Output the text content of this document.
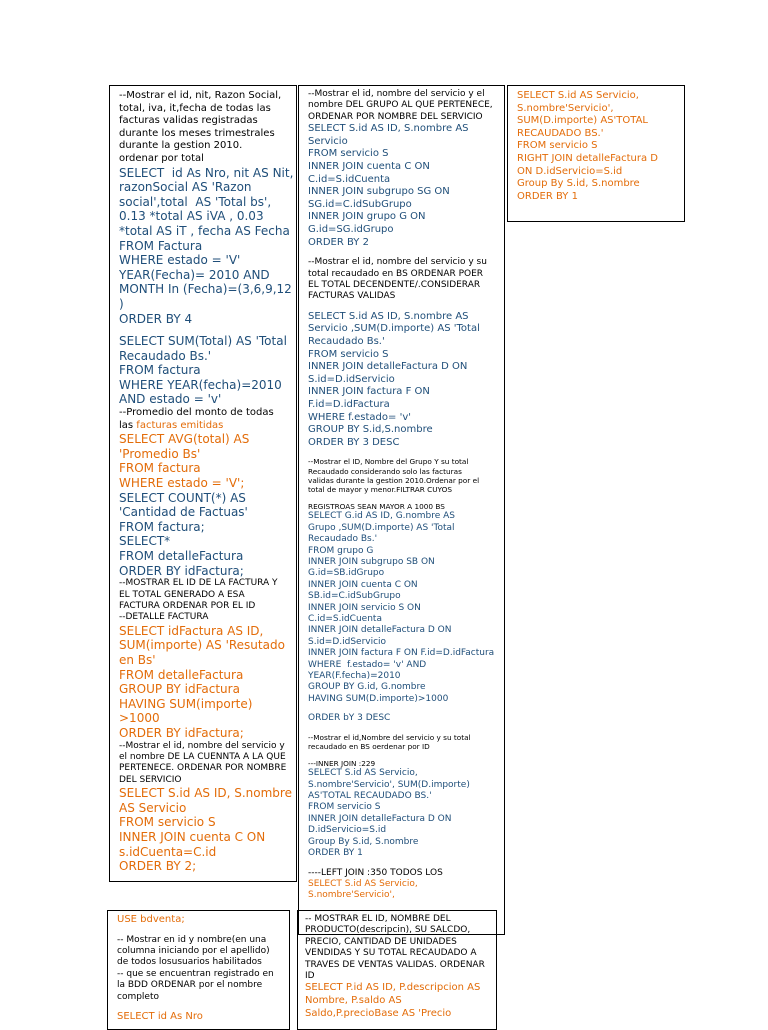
--Mostrar el id, nit, Razon Social,
total, iva, it,fecha de todas las
facturas validas registradas
durante los meses trimestrales
durante la gestion 2010.
ordenar por total
SELECT  id As Nro, nit AS Nit,
razonSocial AS 'Razon
social',total  AS 'Total bs',
0.13 *total AS iVA , 0.03
*total AS iT , fecha AS Fecha
FROM Factura
WHERE estado = 'V'
YEAR(Fecha)= 2010 AND
MONTH In (Fecha)=(3,6,9,12
)
ORDER BY 4
SELECT SUM(Total) AS 'Total
Recaudado Bs.'
FROM factura
WHERE YEAR(fecha)=2010
AND estado = 'v'
--Promedio del monto de todas
las facturas emitidas
SELECT AVG(total) AS
'Promedio Bs'
FROM factura
WHERE estado = 'V';
SELECT COUNT(*) AS
'Cantidad de Factuas'
FROM factura;
SELECT*
FROM detalleFactura
ORDER BY idFactura;
--MOSTRAR EL ID DE LA FACTURA Y
EL TOTAL GENERADO A ESA
FACTURA ORDENAR POR EL ID
--DETALLE FACTURA
SELECT idFactura AS ID,
SUM(importe) AS 'Resutado
en Bs'
FROM detalleFactura
GROUP BY idFactura
HAVING SUM(importe)
>1000
ORDER BY idFactura;
--Mostrar el id, nombre del servicio y
el nombre DE LA CUENNTA A LA QUE
PERTENECE. ORDENAR POR NOMBRE
DEL SERVICIO
SELECT S.id AS ID, S.nombre
AS Servicio
FROM servicio S
INNER JOIN cuenta C ON
s.idCuenta=C.id
ORDER BY 2;
--Mostrar el id, nombre del servicio y el
nombre DEL GRUPO AL QUE PERTENECE,
ORDENAR POR NOMBRE DEL SERVICIO
SELECT S.id AS ID, S.nombre AS
Servicio
FROM servicio S
INNER JOIN cuenta C ON
C.id=S.idCuenta
INNER JOIN subgrupo SG ON
SG.id=C.idSubGrupo
INNER JOIN grupo G ON
G.id=SG.idGrupo
ORDER BY 2
--Mostrar el id, nombre del servicio y su
total recaudado en BS ORDENAR POER
EL TOTAL DECENDENTE/.CONSIDERAR
FACTURAS VALIDAS
SELECT S.id AS ID, S.nombre AS
Servicio ,SUM(D.importe) AS 'Total
Recaudado Bs.'
FROM servicio S
INNER JOIN detalleFactura D ON
S.id=D.idServicio
INNER JOIN factura F ON
F.id=D.idFactura
WHERE f.estado= 'v'
GROUP BY S.id,S.nombre
ORDER BY 3 DESC
--Mostrar el ID, Nombre del Grupo Y su total
Recaudado considerando solo las facturas
validas durante la gestion 2010.Ordenar por el
total de mayor y menor.FILTRAR CUYOS
REGISTROAS SEAN MAYOR A 1000 BS
SELECT G.id AS ID, G.nombre AS
Grupo ,SUM(D.importe) AS 'Total
Recaudado Bs.'
FROM grupo G
INNER JOIN subgrupo SB ON
G.id=SB.idGrupo
INNER JOIN cuenta C ON
SB.id=C.idSubGrupo
INNER JOIN servicio S ON
C.id=S.idCuenta
INNER JOIN detalleFactura D ON
S.id=D.idServicio
INNER JOIN factura F ON F.id=D.idFactura
WHERE  f.estado= 'v' AND
YEAR(F.fecha)=2010
GROUP BY G.id, G.nombre
HAVING SUM(D.importe)>1000
ORDER bY 3 DESC
--Mostrar el id,Nombre del servicio y su total
recaudado en BS oerdenar por ID
---INNER JOIN :229
SELECT S.id AS Servicio,
S.nombre'Servicio', SUM(D.importe)
AS'TOTAL RECAUDADO BS.'
FROM servicio S
INNER JOIN detalleFactura D ON
D.idServicio=S.id
Group By S.id, S.nombre
ORDER BY 1
----LEFT JOIN :350 TODOS LOS
SELECT S.id AS Servicio,
S.nombre'Servicio',
SELECT S.id AS Servicio,
S.nombre'Servicio',
SUM(D.importe) AS'TOTAL
RECAUDADO BS.'
FROM servicio S
RIGHT JOIN detalleFactura D
ON D.idServicio=S.id
Group By S.id, S.nombre
ORDER BY 1
USE bdventa;
-- Mostrar en id y nombre(en una
columna iniciando por el apellido)
de todos losusuarios habilitados
-- que se encuentran registrado en
la BDD ORDENAR por el nombre
completo
SELECT id As Nro
-- MOSTRAR EL ID, NOMBRE DEL
PRODUCTO(descripcin), SU SALCDO,
PRECIO, CANTIDAD DE UNIDADES
VENDIDAS Y SU TOTAL RECAUDADO A
TRAVES DE VENTAS VALIDAS. ORDENAR
ID
SELECT P.id AS ID, P.descripcion AS
Nombre, P.saldo AS
Saldo,P.precioBase AS 'Precio
